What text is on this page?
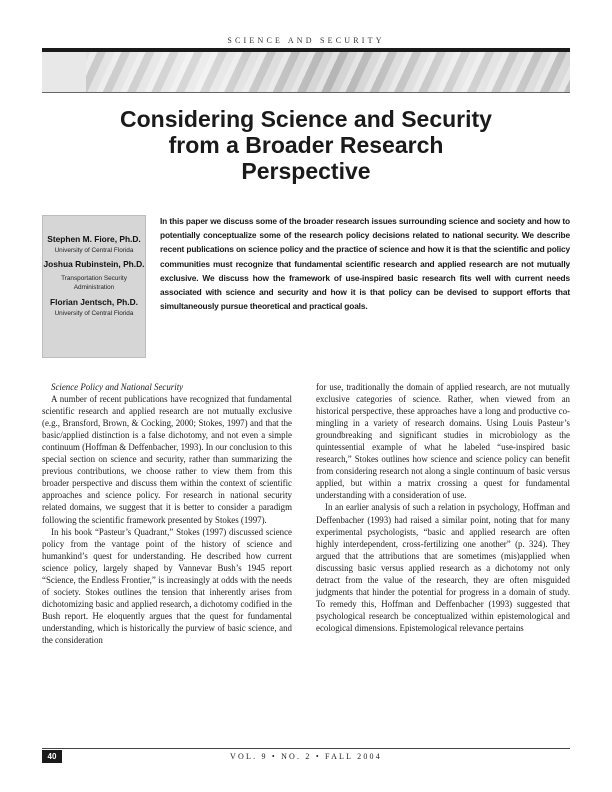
SCIENCE AND SECURITY
Considering Science and Security
from a Broader Research
Perspective

Stephen M. Fiore, Ph.D.

University of Central Florida

Joshua Rubinstein, Ph.D.

Transportation Security
Administration

Florian Jentsch, Ph.D.

University of Central Florida

In this paper we discuss some of the broader research issues surrounding science and society and how to potentially conceptualize some of the research policy decisions related to national security. We describe recent publications on science policy and the practice of science and how it is that the scientific and policy communities must recognize that fundamental scientific research and applied research are not mutually exclusive. We discuss how the framework of use-inspired basic research fits well with current needs associated with science and security and how it is that policy can be devised to support efforts that simultaneously pursue theoretical and practical goals.

Science Policy and National Security

A number of recent publications have recognized that fundamental scientific research and applied research are not mutually exclusive (e.g., Bransford, Brown, & Cocking, 2000; Stokes, 1997) and that the basic/applied distinction is a false dichotomy, and not even a simple continuum (Hoffman & Deffenbacher, 1993). In our conclusion to this special section on science and security, rather than summarizing the previous contributions, we choose rather to view them from this broader perspective and discuss them within the context of scientific approaches and science policy. For research in national security related domains, we suggest that it is better to consider a paradigm following the scientific framework presented by Stokes (1997).

In his book “Pasteur’s Quadrant,” Stokes (1997) discussed science policy from the vantage point of the history of science and humankind’s quest for understanding. He described how current science policy, largely shaped by Vannevar Bush’s 1945 report “Science, the Endless Frontier,” is increasingly at odds with the needs of society. Stokes outlines the tension that inherently arises from dichotomizing basic and applied research, a dichotomy codified in the Bush report. He eloquently argues that the quest for fundamental understanding, which is historically the purview of basic science, and the consideration

for use, traditionally the domain of applied research, are not mutually exclusive categories of science. Rather, when viewed from an historical perspective, these approaches have a long and productive co-mingling in a variety of research domains. Using Louis Pasteur’s groundbreaking and significant studies in microbiology as the quintessential example of what he labeled “use-inspired basic research,” Stokes outlines how science and science policy can benefit from considering research not along a single continuum of basic versus applied, but within a matrix crossing a quest for fundamental understanding with a consideration of use.

In an earlier analysis of such a relation in psychology, Hoffman and Deffenbacher (1993) had raised a similar point, noting that for many experimental psychologists, “basic and applied research are often highly interdependent, cross-fertilizing one another” (p. 324). They argued that the attributions that are sometimes (mis)applied when discussing basic versus applied research as a dichotomy not only detract from the value of the research, they are often misguided judgments that hinder the potential for progress in a domain of study. To remedy this, Hoffman and Deffenbacher (1993) suggested that psychological research be conceptualized within epistemological and ecological dimensions. Epistemological relevance pertains

40	VOL. 9 • NO. 2 • FALL 2004
